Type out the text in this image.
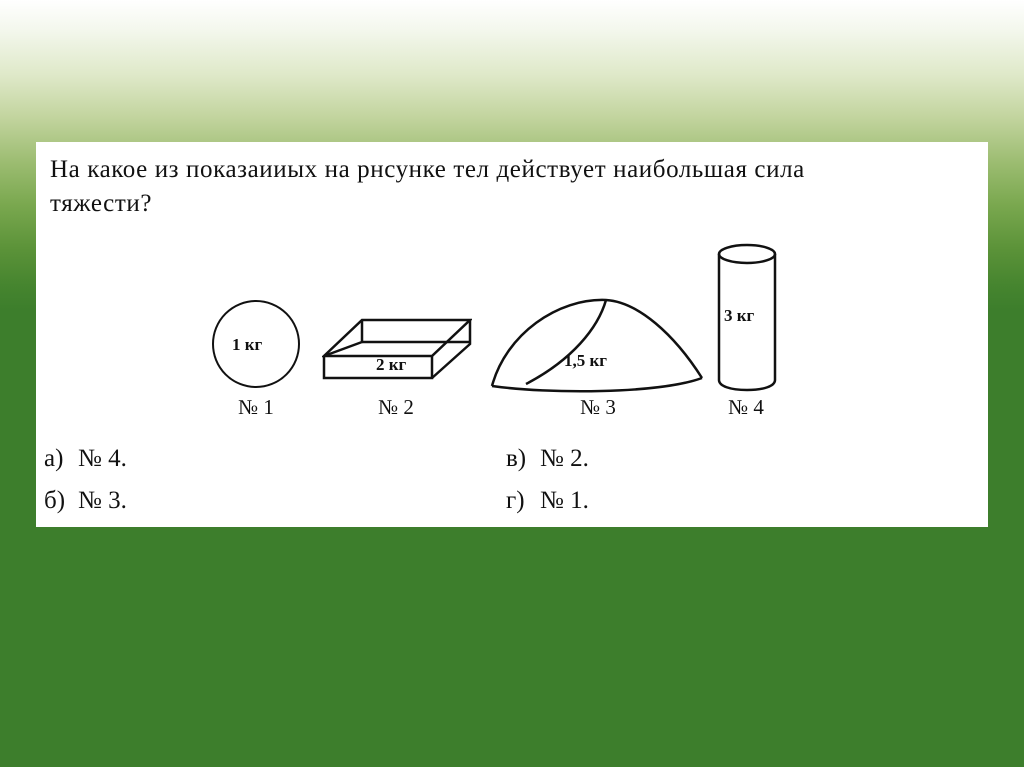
На какое из показаииых на рнсунке тел действует наибольшая сила
тяжести?
1 кг
№ 1
2 кг
№ 2
1,5 кг
№ 3
3 кг
№ 4
а) № 4.
б) № 3.
в) № 2.
г) № 1.
